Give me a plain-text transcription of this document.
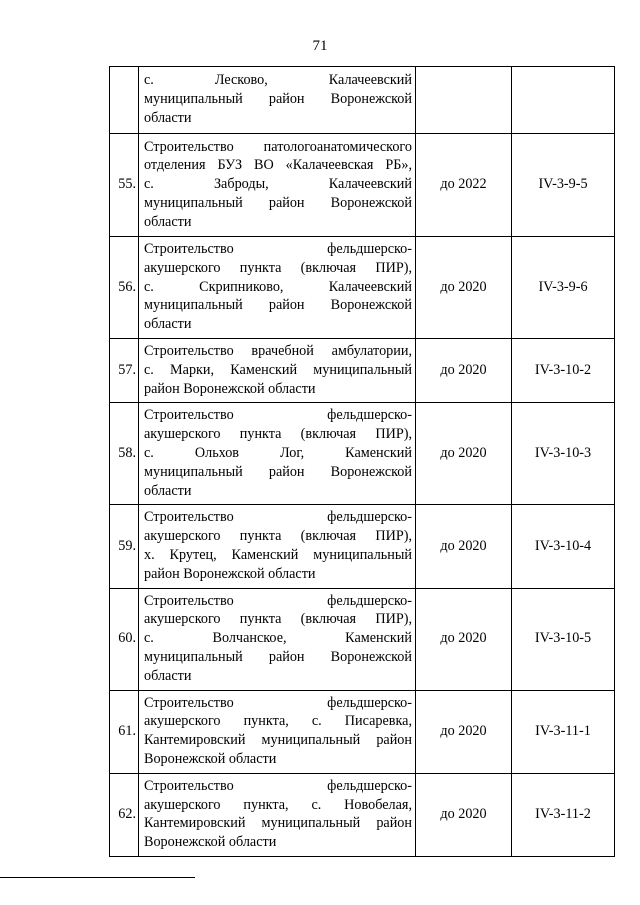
71

	с. Лесково, Калачеевский
муниципальный район Воронежской
области		

55.	Строительство патологоанатомического
отделения БУЗ ВО «Калачеевская РБ»,
с. Заброды, Калачеевский
муниципальный район Воронежской
области	до 2022	IV-3-9-5
56.	Строительство фельдшерско-
акушерского пункта (включая ПИР),
с. Скрипниково, Калачеевский
муниципальный район Воронежской
области	до 2020	IV-3-9-6
57.	Строительство врачебной амбулатории,
с. Марки, Каменский муниципальный
район Воронежской области	до 2020	IV-3-10-2
58.	Строительство фельдшерско-
акушерского пункта (включая ПИР),
с. Ольхов Лог, Каменский
муниципальный район Воронежской
области	до 2020	IV-3-10-3
59.	Строительство фельдшерско-
акушерского пункта (включая ПИР),
х. Крутец, Каменский муниципальный
район Воронежской области	до 2020	IV-3-10-4
60.	Строительство фельдшерско-
акушерского пункта (включая ПИР),
с. Волчанское, Каменский
муниципальный район Воронежской
области	до 2020	IV-3-10-5
61.	Строительство фельдшерско-
акушерского пункта, с. Писаревка,
Кантемировский муниципальный район
Воронежской области	до 2020	IV-3-11-1
62.	Строительство фельдшерско-
акушерского пункта, с. Новобелая,
Кантемировский муниципальный район
Воронежской области	до 2020	IV-3-11-2
